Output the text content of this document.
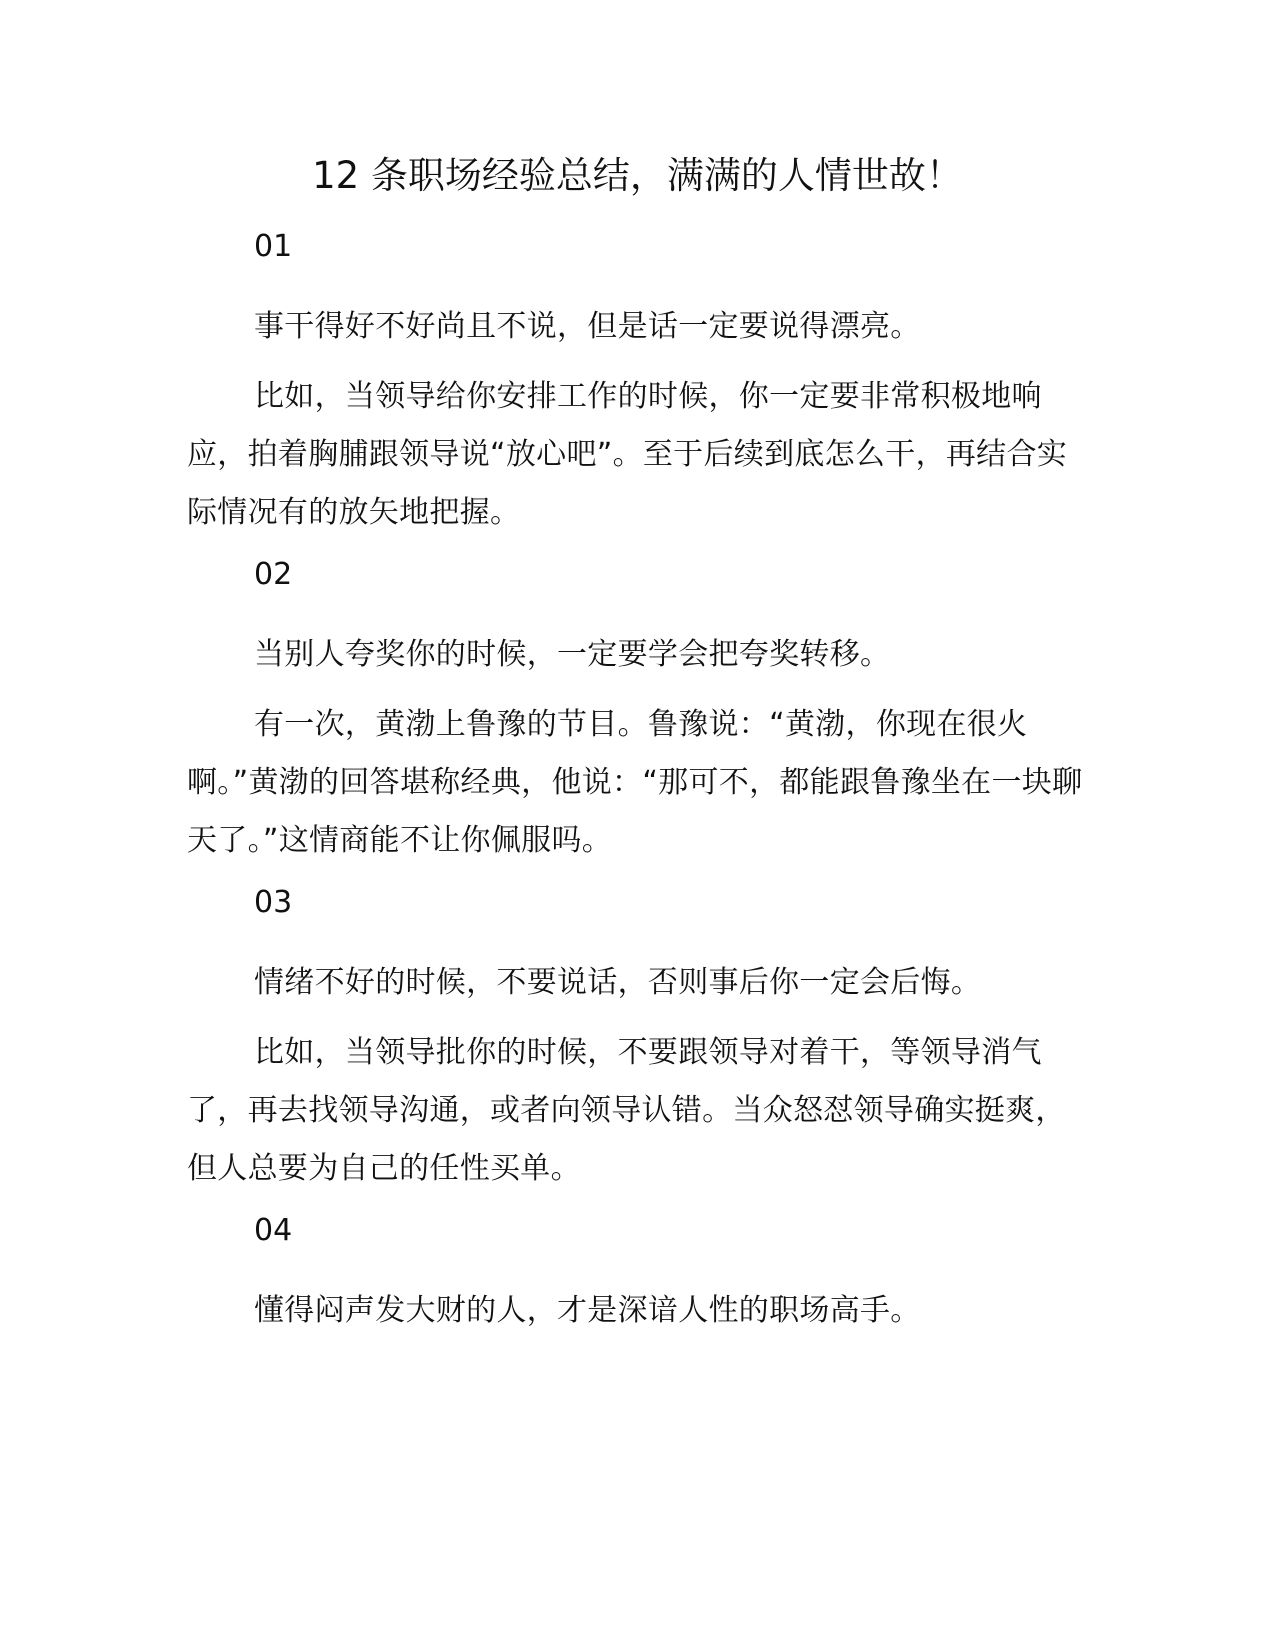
12 条职场经验总结，满满的人情世故！
01

事干得好不好尚且不说，但是话一定要说得漂亮。

比如，当领导给你安排工作的时候，你一定要非常积极地响应，拍着胸脯跟领导说“放心吧”。至于后续到底怎么干，再结合实际情况有的放矢地把握。

02

当别人夸奖你的时候，一定要学会把夸奖转移。

有一次，黄渤上鲁豫的节目。鲁豫说：“黄渤，你现在很火啊。”黄渤的回答堪称经典，他说：“那可不，都能跟鲁豫坐在一块聊天了。”这情商能不让你佩服吗。

03

情绪不好的时候，不要说话，否则事后你一定会后悔。

比如，当领导批你的时候，不要跟领导对着干，等领导消气了，再去找领导沟通，或者向领导认错。当众怒怼领导确实挺爽，但人总要为自己的任性买单。

04

懂得闷声发大财的人，才是深谙人性的职场高手。
